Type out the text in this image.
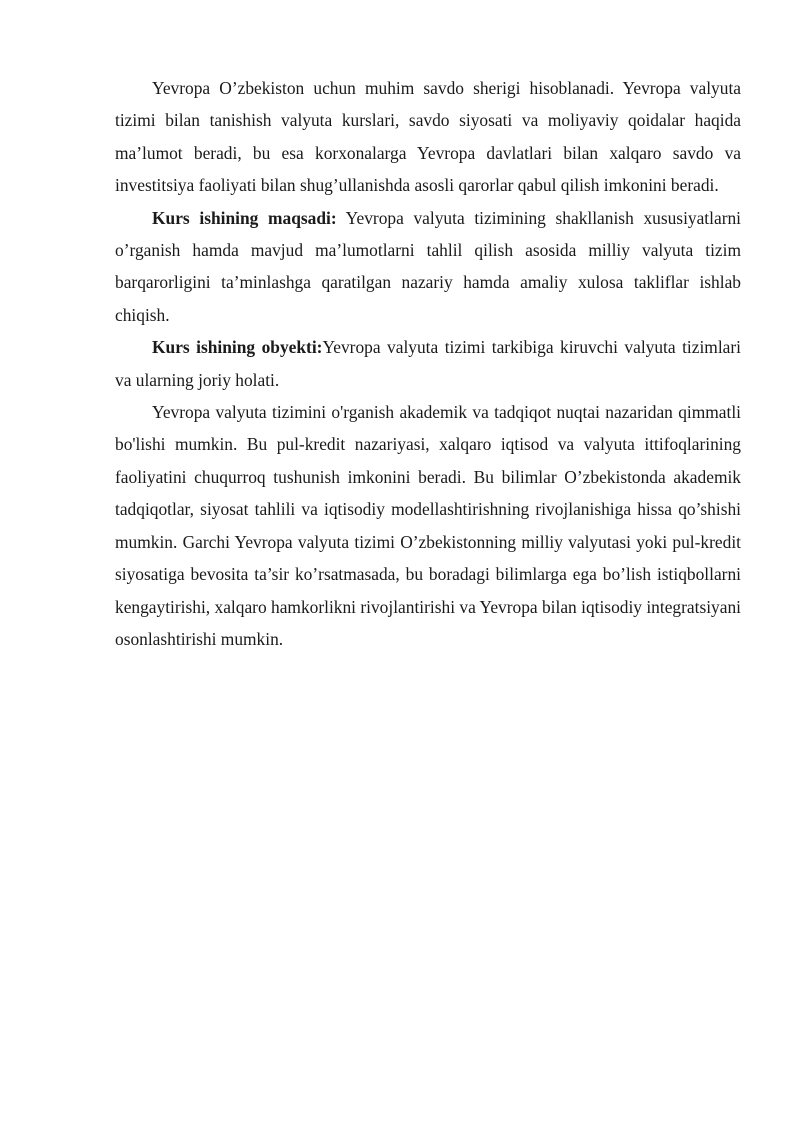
Yevropa O’zbekiston uchun muhim savdo sherigi hisoblanadi. Yevropa valyuta tizimi bilan tanishish valyuta kurslari, savdo siyosati va moliyaviy qoidalar haqida ma’lumot beradi, bu esa korxonalarga Yevropa davlatlari bilan xalqaro savdo va investitsiya faoliyati bilan shug’ullanishda asosli qarorlar qabul qilish imkonini beradi.

Kurs ishining maqsadi: Yevropa valyuta tizimining shakllanish xususiyatlarni o’rganish hamda mavjud ma’lumotlarni tahlil qilish asosida milliy valyuta tizim barqarorligini ta’minlashga qaratilgan nazariy hamda amaliy xulosa takliflar ishlab chiqish.

Kurs ishining obyekti:Yevropa valyuta tizimi tarkibiga kiruvchi valyuta tizimlari va ularning joriy holati.

Yevropa valyuta tizimini o'rganish akademik va tadqiqot nuqtai nazaridan qimmatli bo'lishi mumkin. Bu pul-kredit nazariyasi, xalqaro iqtisod va valyuta ittifoqlarining faoliyatini chuqurroq tushunish imkonini beradi. Bu bilimlar O’zbekistonda akademik tadqiqotlar, siyosat tahlili va iqtisodiy modellashtirishning rivojlanishiga hissa qo’shishi mumkin. Garchi Yevropa valyuta tizimi O’zbekistonning milliy valyutasi yoki pul-kredit siyosatiga bevosita ta’sir ko’rsatmasada, bu boradagi bilimlarga ega bo’lish istiqbollarni kengaytirishi, xalqaro hamkorlikni rivojlantirishi va Yevropa bilan iqtisodiy integratsiyani osonlashtirishi mumkin.
